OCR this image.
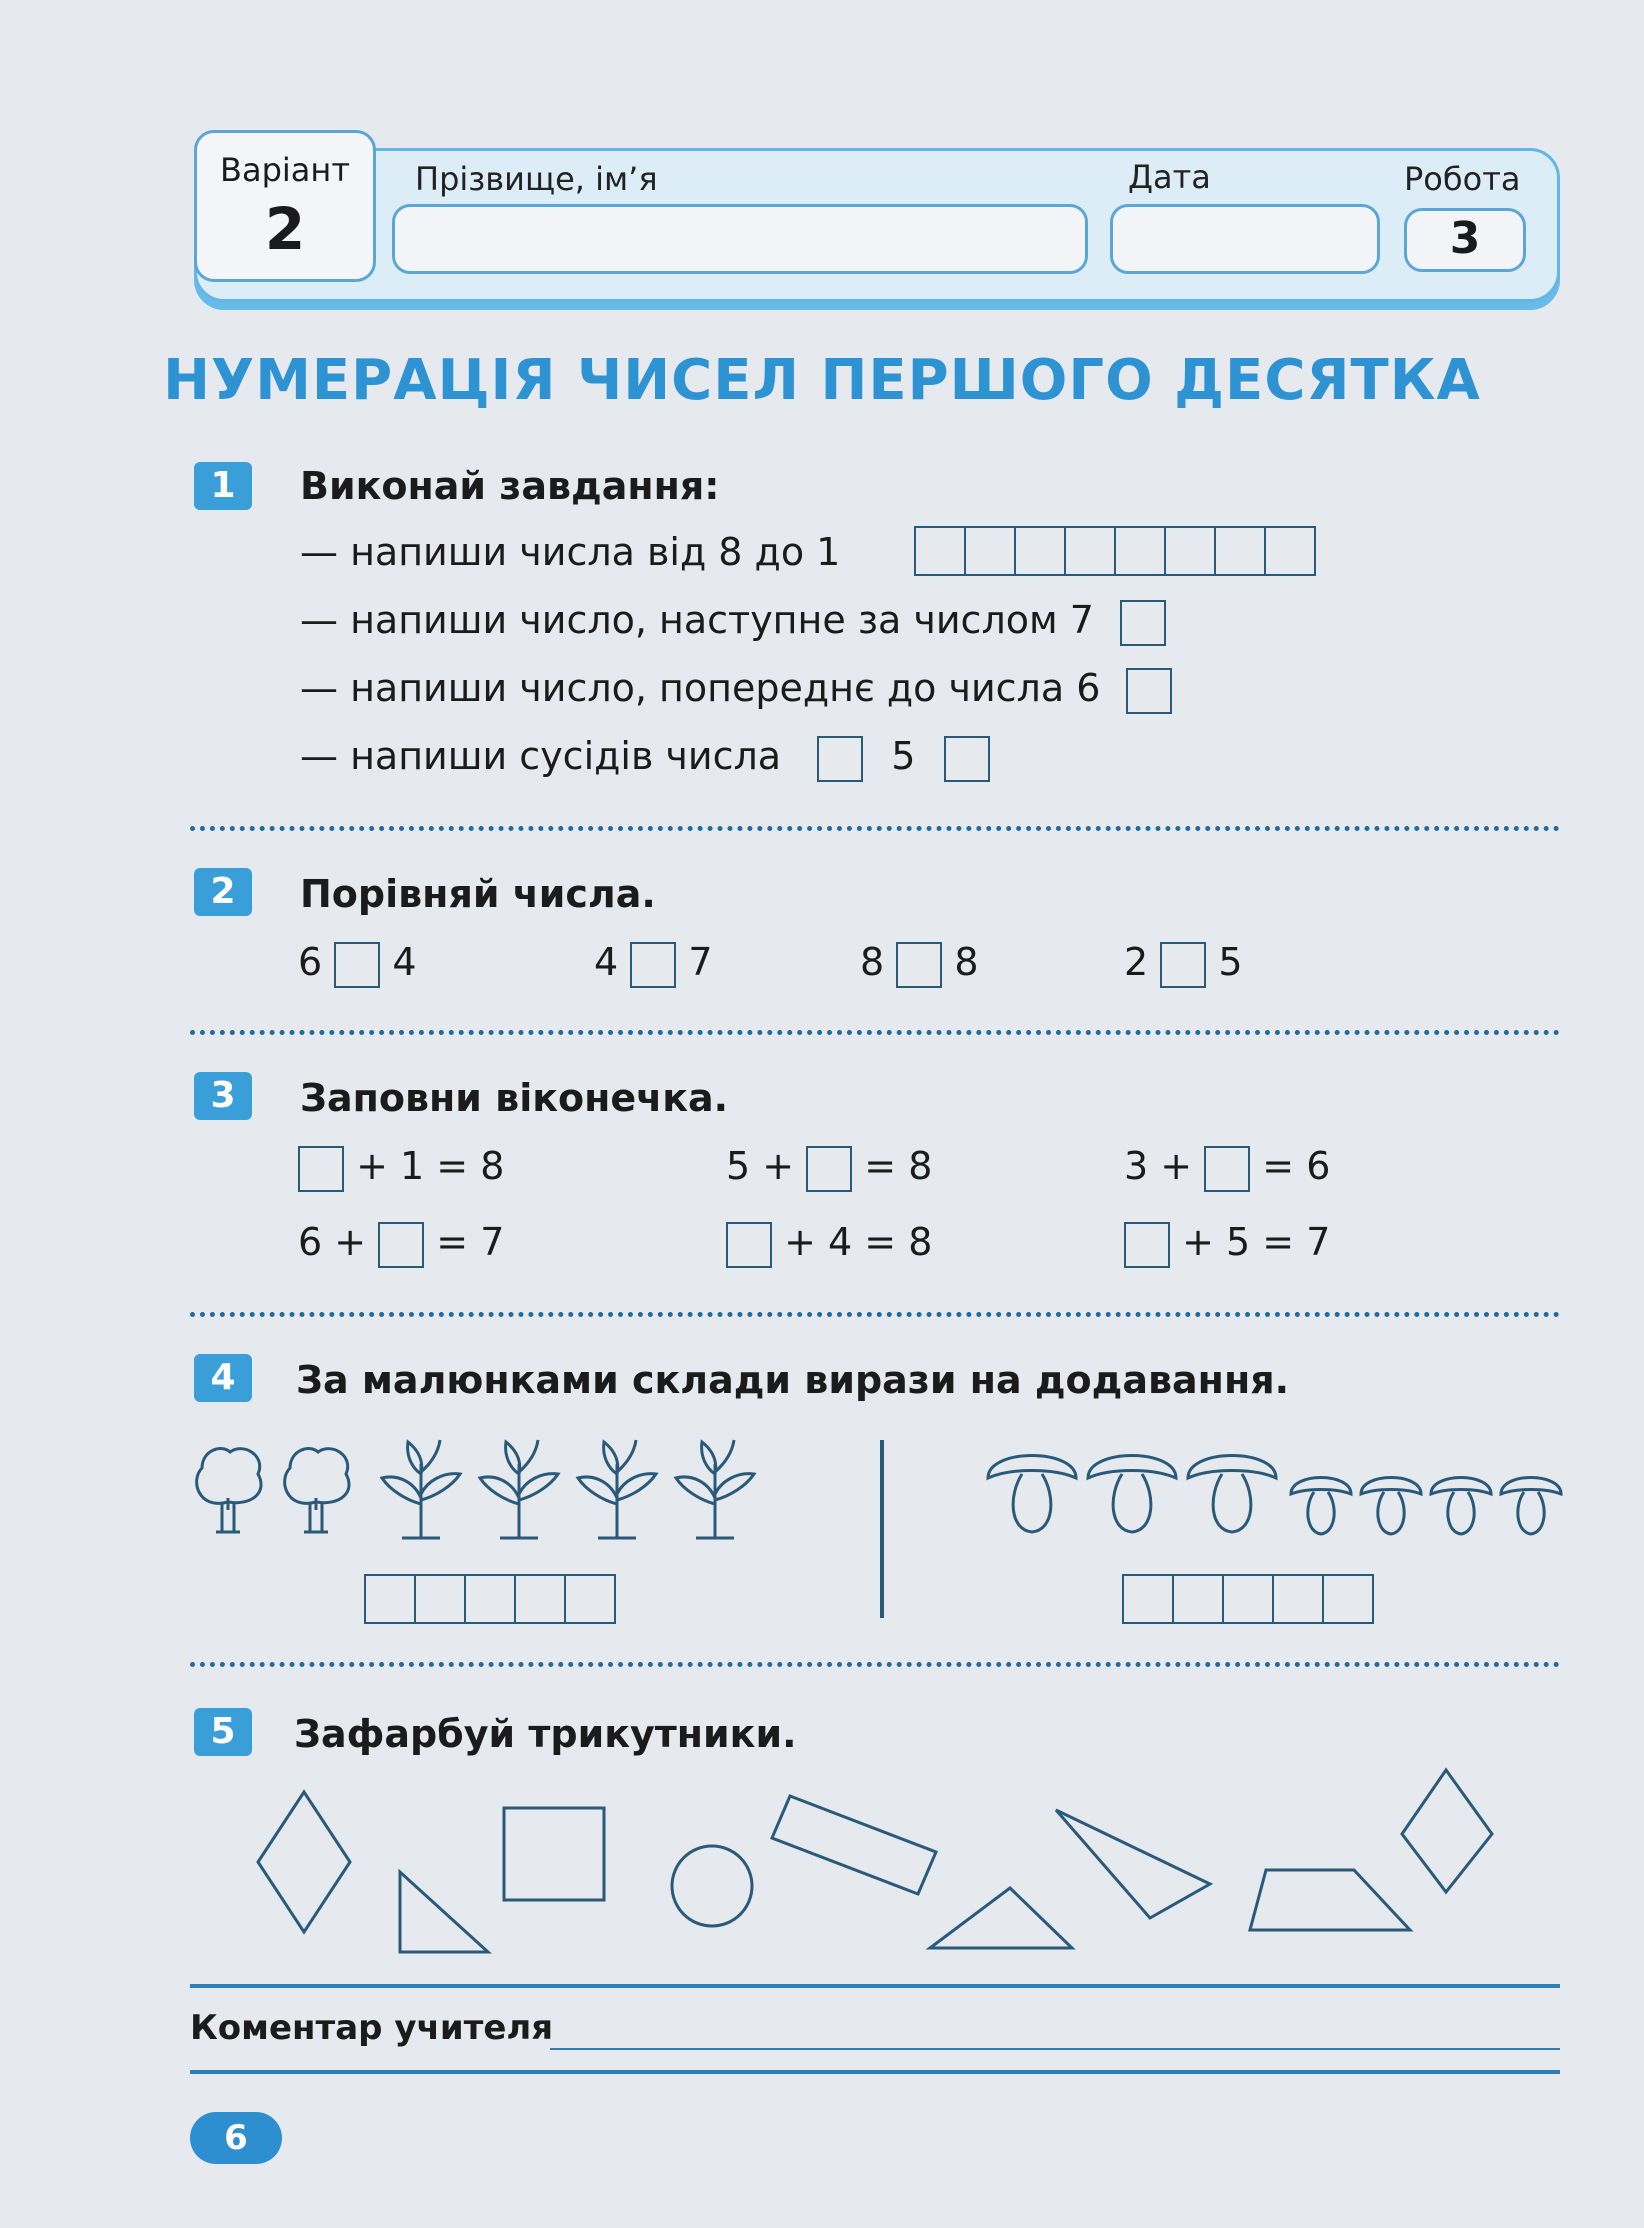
Варіант
2
Прізвище, ім’я	Дата	Робота
3
НУМЕРАЦІЯ ЧИСЕЛ ПЕРШОГО ДЕСЯТКА
1	Виконай завдання:
— напиши числа від 8 до 1
— напиши число, наступне за числом 7
— напиши число, попереднє до числа 6
— напиши сусідів числа	5
2	Порівняй числа.
6 4	4 7	8 8	2 5
3	Заповни віконечка.
+ 1 = 8	5 + = 8	3 + = 6
6 + = 7	+ 4 = 8	+ 5 = 7
4	За малюнками склади вирази на додавання.
5	Зафарбуй трикутники.
Коментар учителя
6
